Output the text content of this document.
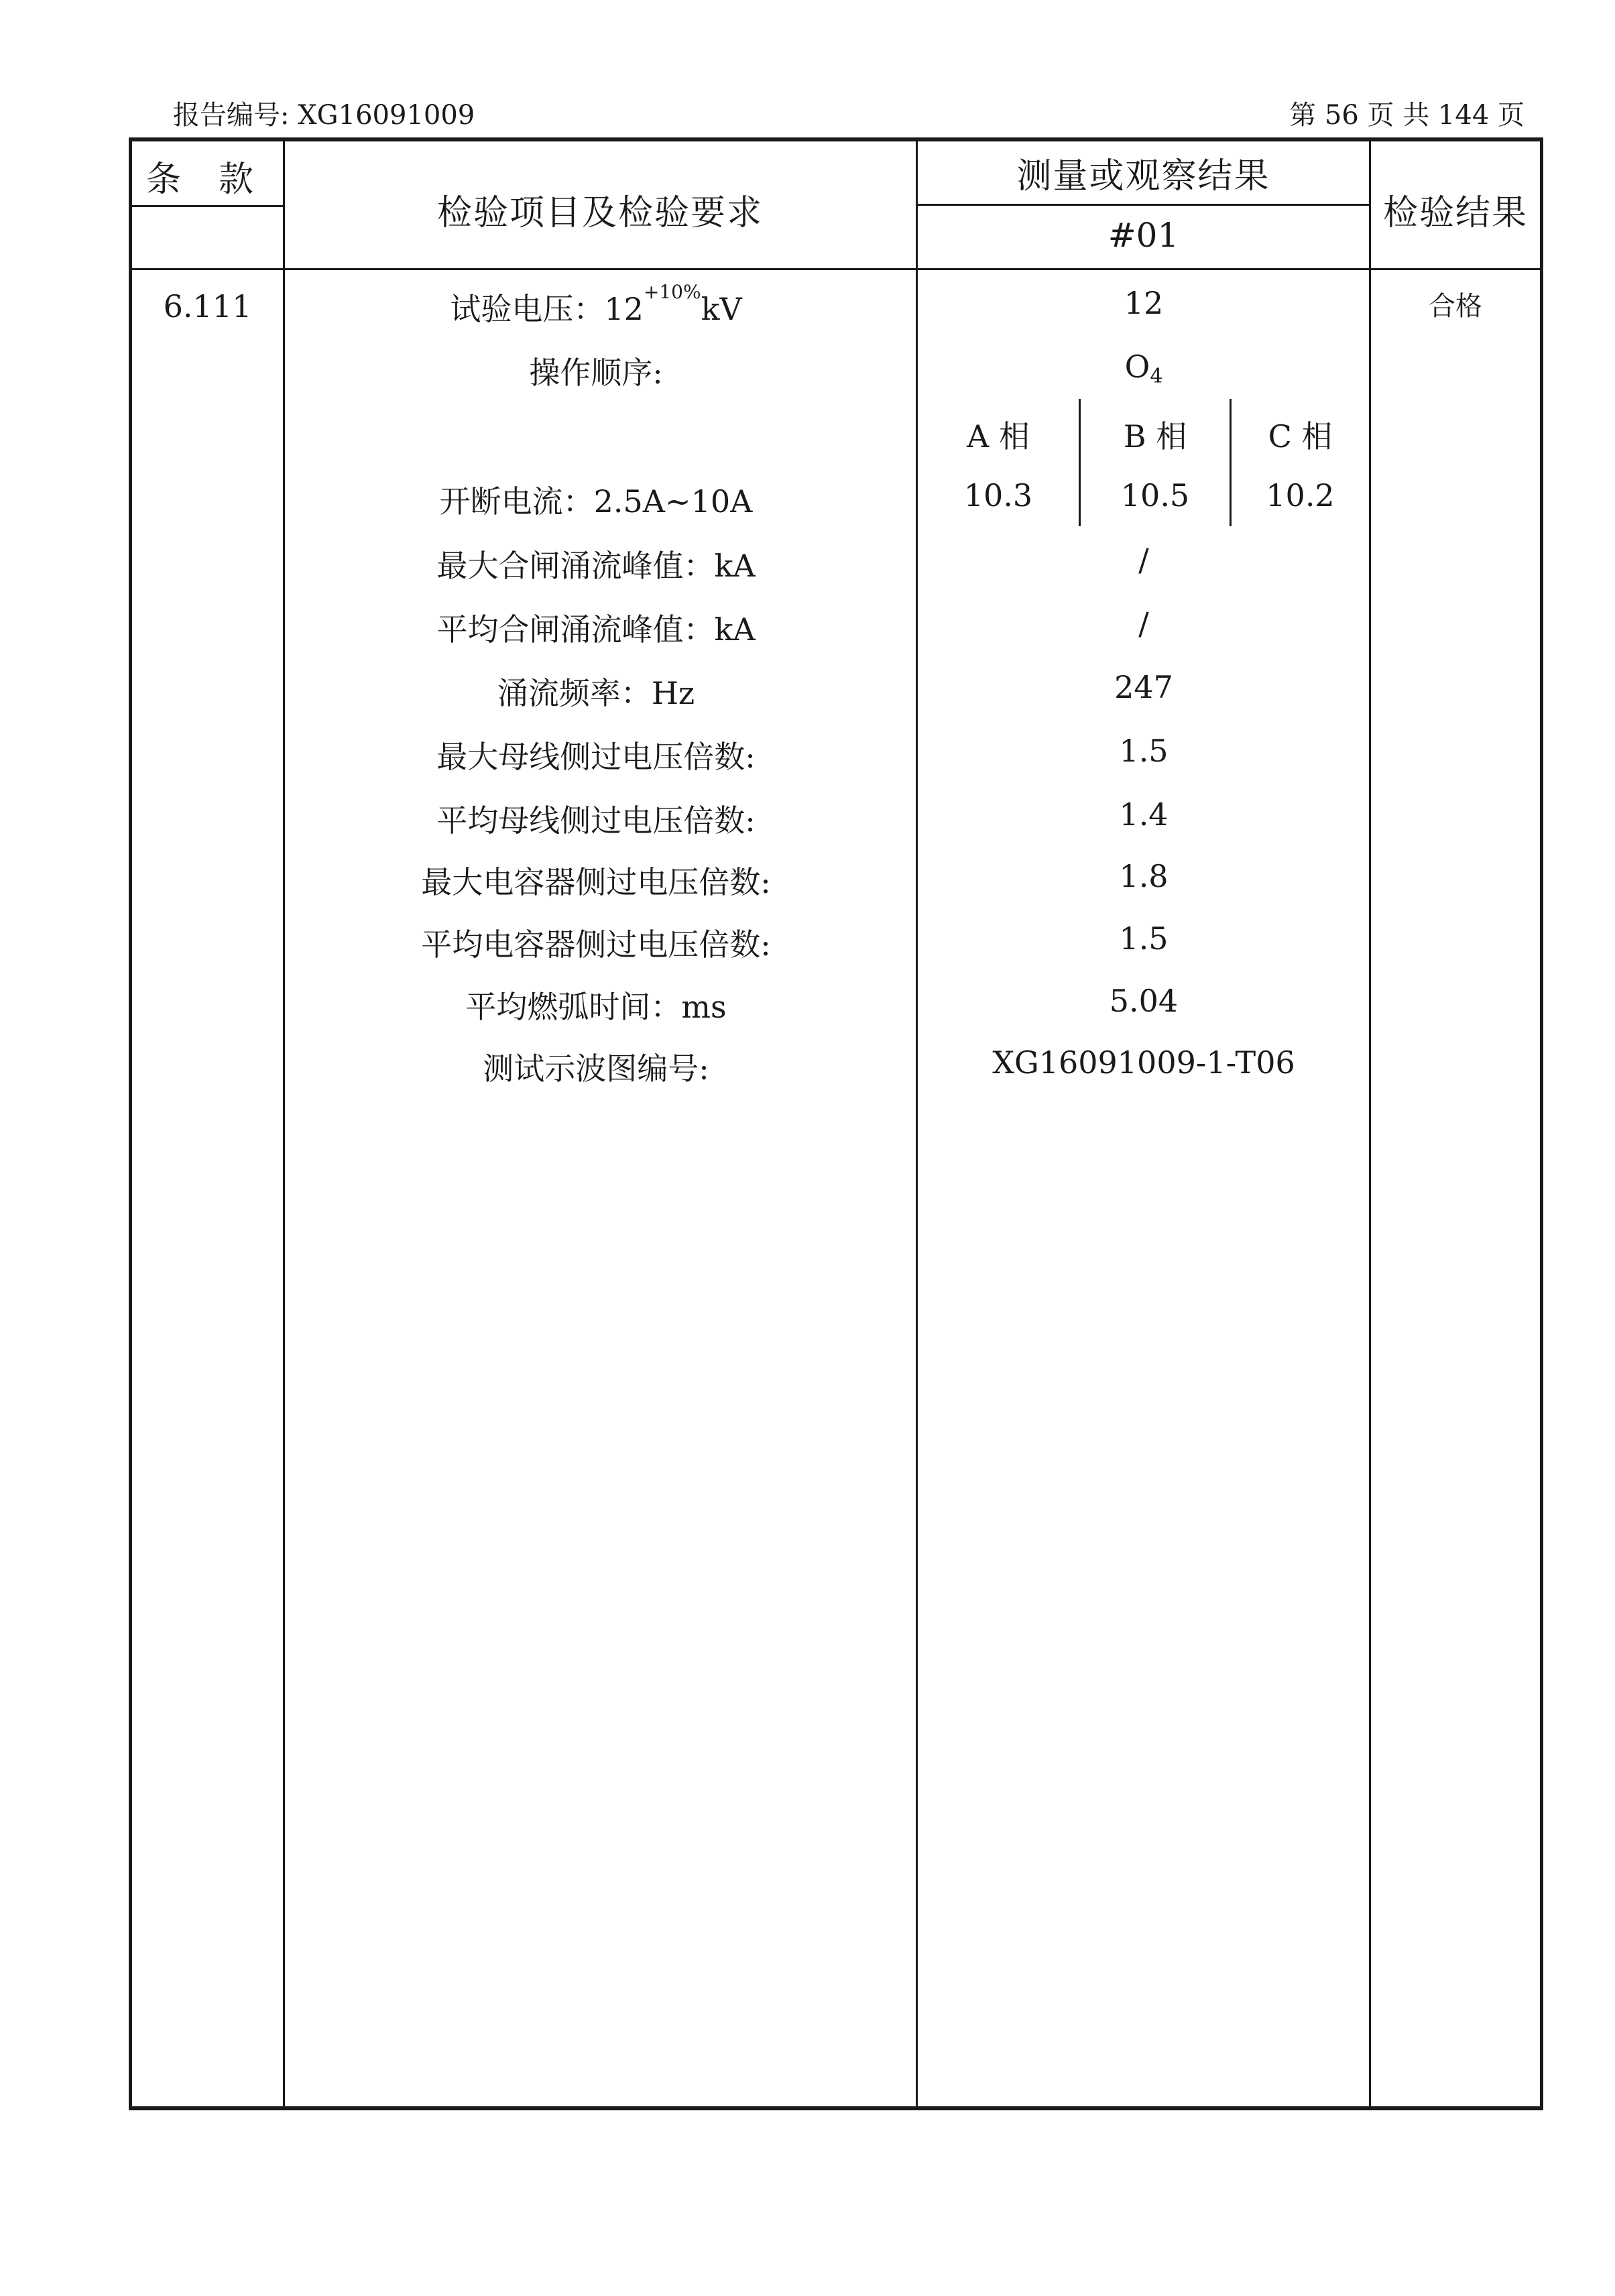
报告编号: XG16091009	第 56 页 共 144 页
条　款
检验项目及检验要求
测量或观察结果
#01
检验结果
6.111	合格
试验电压：$12^{+10\%}kV$	12
操作顺序:	$O_4$
A 相	B 相	C 相
开断电流：2.5A~10A	10.3	10.5	10.2
最大合闸涌流峰值：kA	/
平均合闸涌流峰值：kA	/
涌流频率：Hz	247
最大母线侧过电压倍数:	1.5
平均母线侧过电压倍数:	1.4
最大电容器侧过电压倍数:	1.8
平均电容器侧过电压倍数:	1.5
平均燃弧时间：ms	5.04
测试示波图编号:	XG16091009-1-T06
